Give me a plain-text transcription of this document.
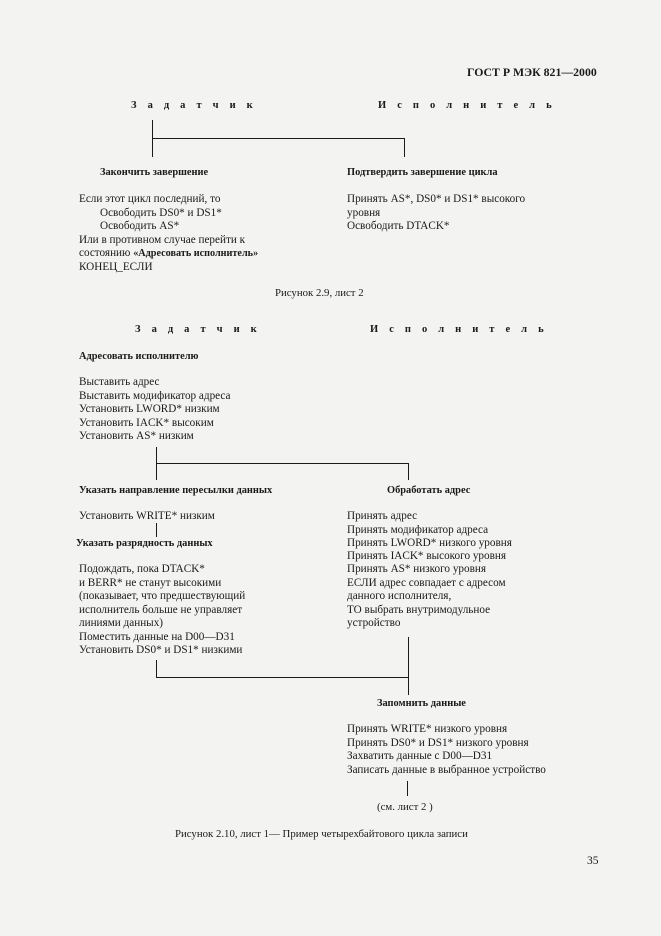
ГОСТ Р МЭК 821—2000
З а д а т ч и к	И с п о л н и т е л ь
Закончить завершение
Если этот цикл последний, то
Освободить DS0* и DS1*
Освободить AS*
Или в противном случае перейти к
состоянию «Адресовать исполнитель»
КОНЕЦ_ЕСЛИ
Подтвердить завершение цикла
Принять AS*, DS0* и DS1* высокого
уровня
Освободить DTACK*
Рисунок 2.9, лист 2
З а д а т ч и к	И с п о л н и т е л ь
Адресовать исполнителю
Выставить адрес
Выставить модификатор адреса
Установить LWORD* низким
Установить IACK* высоким
Установить AS* низким
Указать направление пересылки данных
Установить WRITE* низким
Указать разрядность данных
Подождать, пока DTACK*
и BERR* не станут высокими
(показывает, что предшествующий
исполнитель больше не управляет
линиями данных)
Поместить данные на D00—D31
Установить DS0* и DS1* низкими
Обработать адрес
Принять адрес
Принять модификатор адреса
Принять LWORD* низкого уровня
Принять IACK* высокого уровня
Принять AS* низкого уровня
ЕСЛИ адрес совпадает с адресом
данного исполнителя,
ТО выбрать внутримодульное
устройство
Запомнить данные
Принять WRITE* низкого уровня
Принять DS0* и DS1* низкого уровня
Захватить данные с D00—D31
Записать данные в выбранное устройство
(см. лист 2 )
Рисунок 2.10, лист 1— Пример четырехбайтового цикла записи
35
